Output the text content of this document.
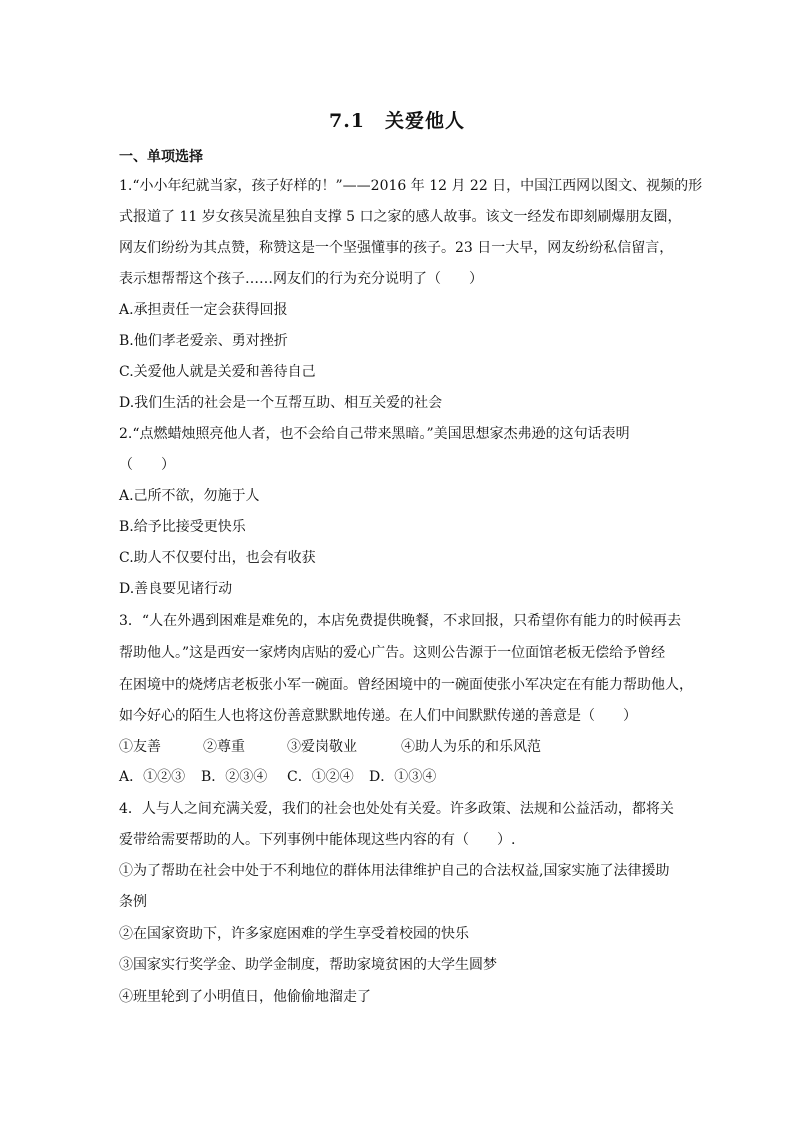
7.1　关爱他人
一、单项选择
1.“小小年纪就当家，孩子好样的！”——2016 年 12 月 22 日，中国江西网以图文、视频的形
式报道了 11 岁女孩吴流星独自支撑 5 口之家的感人故事。该文一经发布即刻刷爆朋友圈，
网友们纷纷为其点赞，称赞这是一个坚强懂事的孩子。23 日一大早，网友纷纷私信留言，
表示想帮帮这个孩子……网友们的行为充分说明了（　　）
A.承担责任一定会获得回报
B.他们孝老爱亲、勇对挫折
C.关爱他人就是关爱和善待自己
D.我们生活的社会是一个互帮互助、相互关爱的社会
2.“点燃蜡烛照亮他人者，也不会给自己带来黑暗。”美国思想家杰弗逊的这句话表明
（　　）
A.己所不欲，勿施于人
B.给予比接受更快乐
C.助人不仅要付出，也会有收获
D.善良要见诸行动
3．“人在外遇到困难是难免的，本店免费提供晚餐，不求回报，只希望你有能力的时候再去
帮助他人。”这是西安一家烤肉店贴的爱心广告。这则公告源于一位面馆老板无偿给予曾经
在困境中的烧烤店老板张小军一碗面。曾经困境中的一碗面使张小军决定在有能力帮助他人，
如今好心的陌生人也将这份善意默默地传递。在人们中间默默传递的善意是（　　）
①友善	②尊重	③爱岗敬业	④助人为乐的和乐风范
A．①②③ B．②③④ C．①②④ D．①③④
4．人与人之间充满关爱，我们的社会也处处有关爱。许多政策、法规和公益活动，都将关
爱带给需要帮助的人。下列事例中能体现这些内容的有（　　）.
①为了帮助在社会中处于不利地位的群体用法律维护自己的合法权益,国家实施了法律援助
条例
②在国家资助下，许多家庭困难的学生享受着校园的快乐
③国家实行奖学金、助学金制度，帮助家境贫困的大学生圆梦
④班里轮到了小明值日，他偷偷地溜走了
